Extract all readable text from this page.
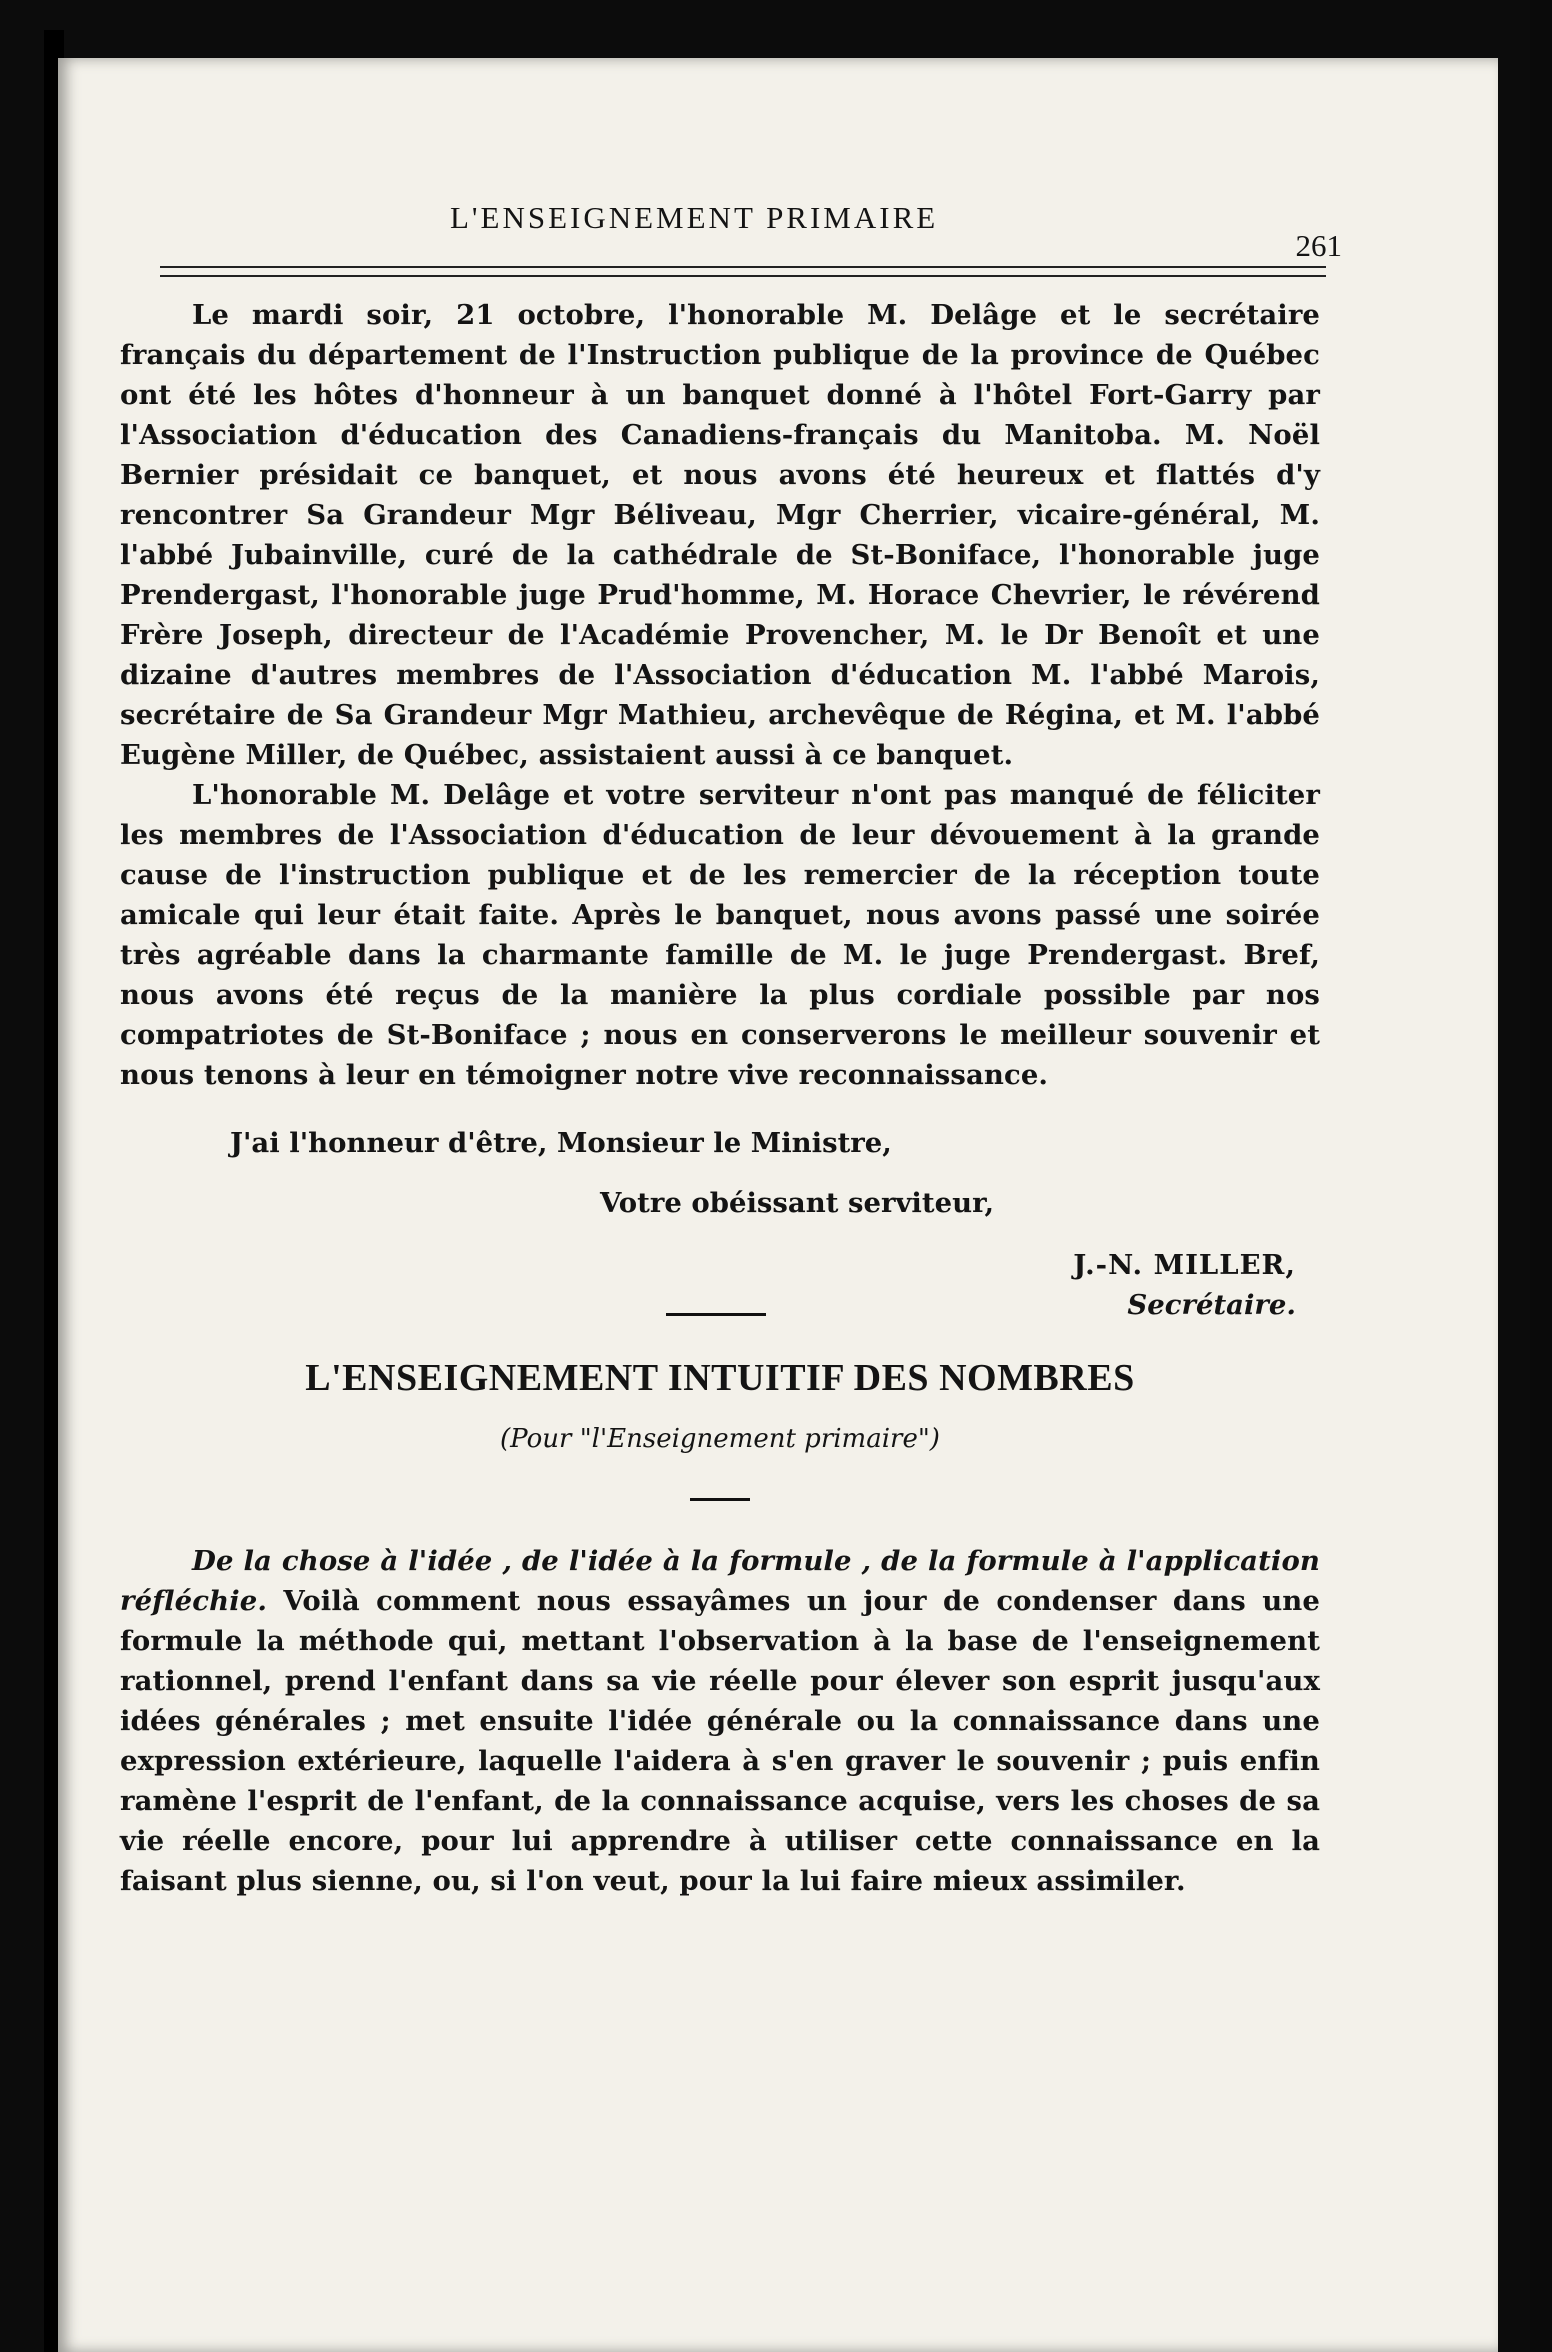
L'ENSEIGNEMENT PRIMAIRE
261

Le mardi soir, 21 octobre, l'honorable M. Delâge et le secrétaire français du département de l'Instruction publique de la province de Québec ont été les hôtes d'honneur à un banquet donné à l'hôtel Fort-Garry par l'Association d'éducation des Canadiens-français du Manitoba. M. Noël Bernier présidait ce banquet, et nous avons été heureux et flattés d'y rencontrer Sa Grandeur Mgr Béliveau, Mgr Cherrier, vicaire-général, M. l'abbé Jubainville, curé de la cathédrale de St-Boniface, l'honorable juge Prendergast, l'honorable juge Prud'homme, M. Horace Chevrier, le révérend Frère Joseph, directeur de l'Académie Provencher, M. le Dr Benoît et une dizaine d'autres membres de l'Association d'éducation M. l'abbé Marois, secrétaire de Sa Grandeur Mgr Mathieu, archevêque de Régina, et M. l'abbé Eugène Miller, de Québec, assistaient aussi à ce banquet.

L'honorable M. Delâge et votre serviteur n'ont pas manqué de féliciter les membres de l'Association d'éducation de leur dévouement à la grande cause de l'instruction publique et de les remercier de la réception toute amicale qui leur était faite. Après le banquet, nous avons passé une soirée très agréable dans la charmante famille de M. le juge Prendergast. Bref, nous avons été reçus de la manière la plus cordiale possible par nos compatriotes de St-Boniface ; nous en conserverons le meilleur souvenir et nous tenons à leur en témoigner notre vive reconnaissance.

J'ai l'honneur d'être, Monsieur le Ministre,
Votre obéissant serviteur,
J.-N. MILLER,
Secrétaire.
L'ENSEIGNEMENT INTUITIF DES NOMBRES
(Pour "l'Enseignement primaire")

De la chose à l'idée , de l'idée à la formule , de la formule à l'application réfléchie. Voilà comment nous essayâmes un jour de condenser dans une formule la méthode qui, mettant l'observation à la base de l'enseignement rationnel, prend l'enfant dans sa vie réelle pour élever son esprit jusqu'aux idées générales ; met ensuite l'idée générale ou la connaissance dans une expression extérieure, laquelle l'aidera à s'en graver le souvenir ; puis enfin ramène l'esprit de l'enfant, de la connaissance acquise, vers les choses de sa vie réelle encore, pour lui apprendre à utiliser cette connaissance en la faisant plus sienne, ou, si l'on veut, pour la lui faire mieux assimiler.
